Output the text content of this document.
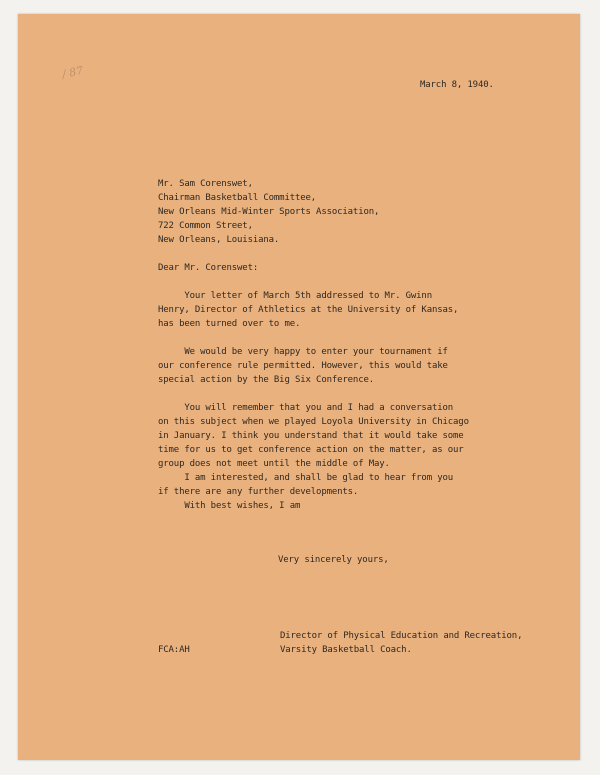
/ 87
March 8, 1940.
Mr. Sam Corenswet,
Chairman Basketball Committee,
New Orleans Mid-Winter Sports Association,
722 Common Street,
New Orleans, Louisiana.
Dear Mr. Corenswet:
Your letter of March 5th addressed to Mr. Gwinn
Henry, Director of Athletics at the University of Kansas,
has been turned over to me.
We would be very happy to enter your tournament if
our conference rule permitted. However, this would take
special action by the Big Six Conference.
You will remember that you and I had a conversation
on this subject when we played Loyola University in Chicago
in January. I think you understand that it would take some
time for us to get conference action on the matter, as our
group does not meet until the middle of May.
I am interested, and shall be glad to hear from you
if there are any further developments.
With best wishes, I am
Very sincerely yours,
FCA:AH
Director of Physical Education and Recreation,
Varsity Basketball Coach.
